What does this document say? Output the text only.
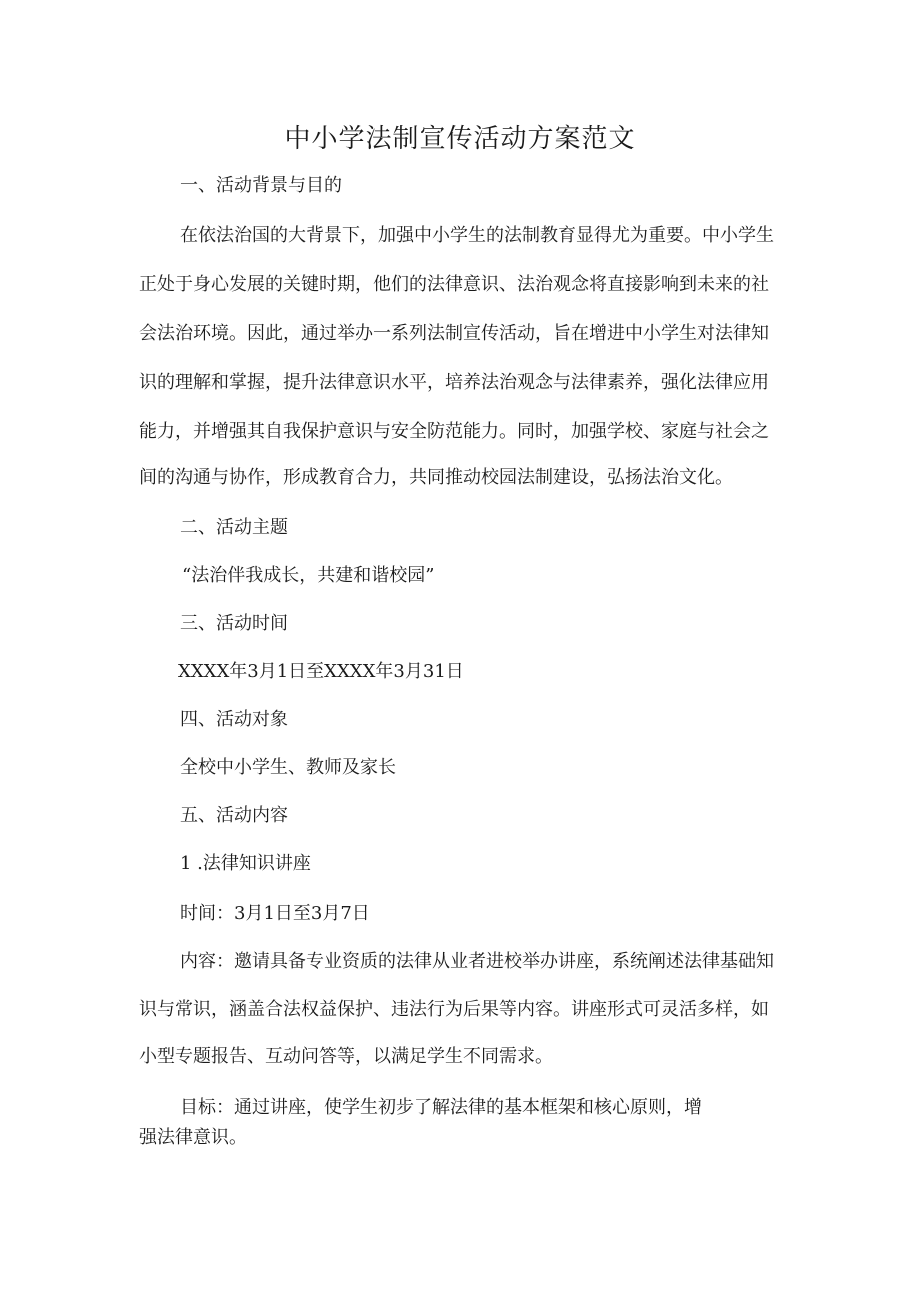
中小学法制宣传活动方案范文

一、活动背景与目的

在依法治国的大背景下，加强中小学生的法制教育显得尤为重要。中小学生

正处于身心发展的关键时期，他们的法律意识、法治观念将直接影响到未来的社

会法治环境。因此，通过举办一系列法制宣传活动，旨在增进中小学生对法律知

识的理解和掌握，提升法律意识水平，培养法治观念与法律素养，强化法律应用

能力，并增强其自我保护意识与安全防范能力。同时，加强学校、家庭与社会之

间的沟通与协作，形成教育合力，共同推动校园法制建设，弘扬法治文化。

二、活动主题

“法治伴我成长，共建和谐校园”

三、活动时间

XXXX年3月1日至XXXX年3月31日

四、活动对象

全校中小学生、教师及家长

五、活动内容

1 .法律知识讲座

时间：3月1日至3月7日

内容：邀请具备专业资质的法律从业者进校举办讲座，系统阐述法律基础知

识与常识，涵盖合法权益保护、违法行为后果等内容。讲座形式可灵活多样，如

小型专题报告、互动问答等，以满足学生不同需求。

目标：通过讲座，使学生初步了解法律的基本框架和核心原则，增

强法律意识。
